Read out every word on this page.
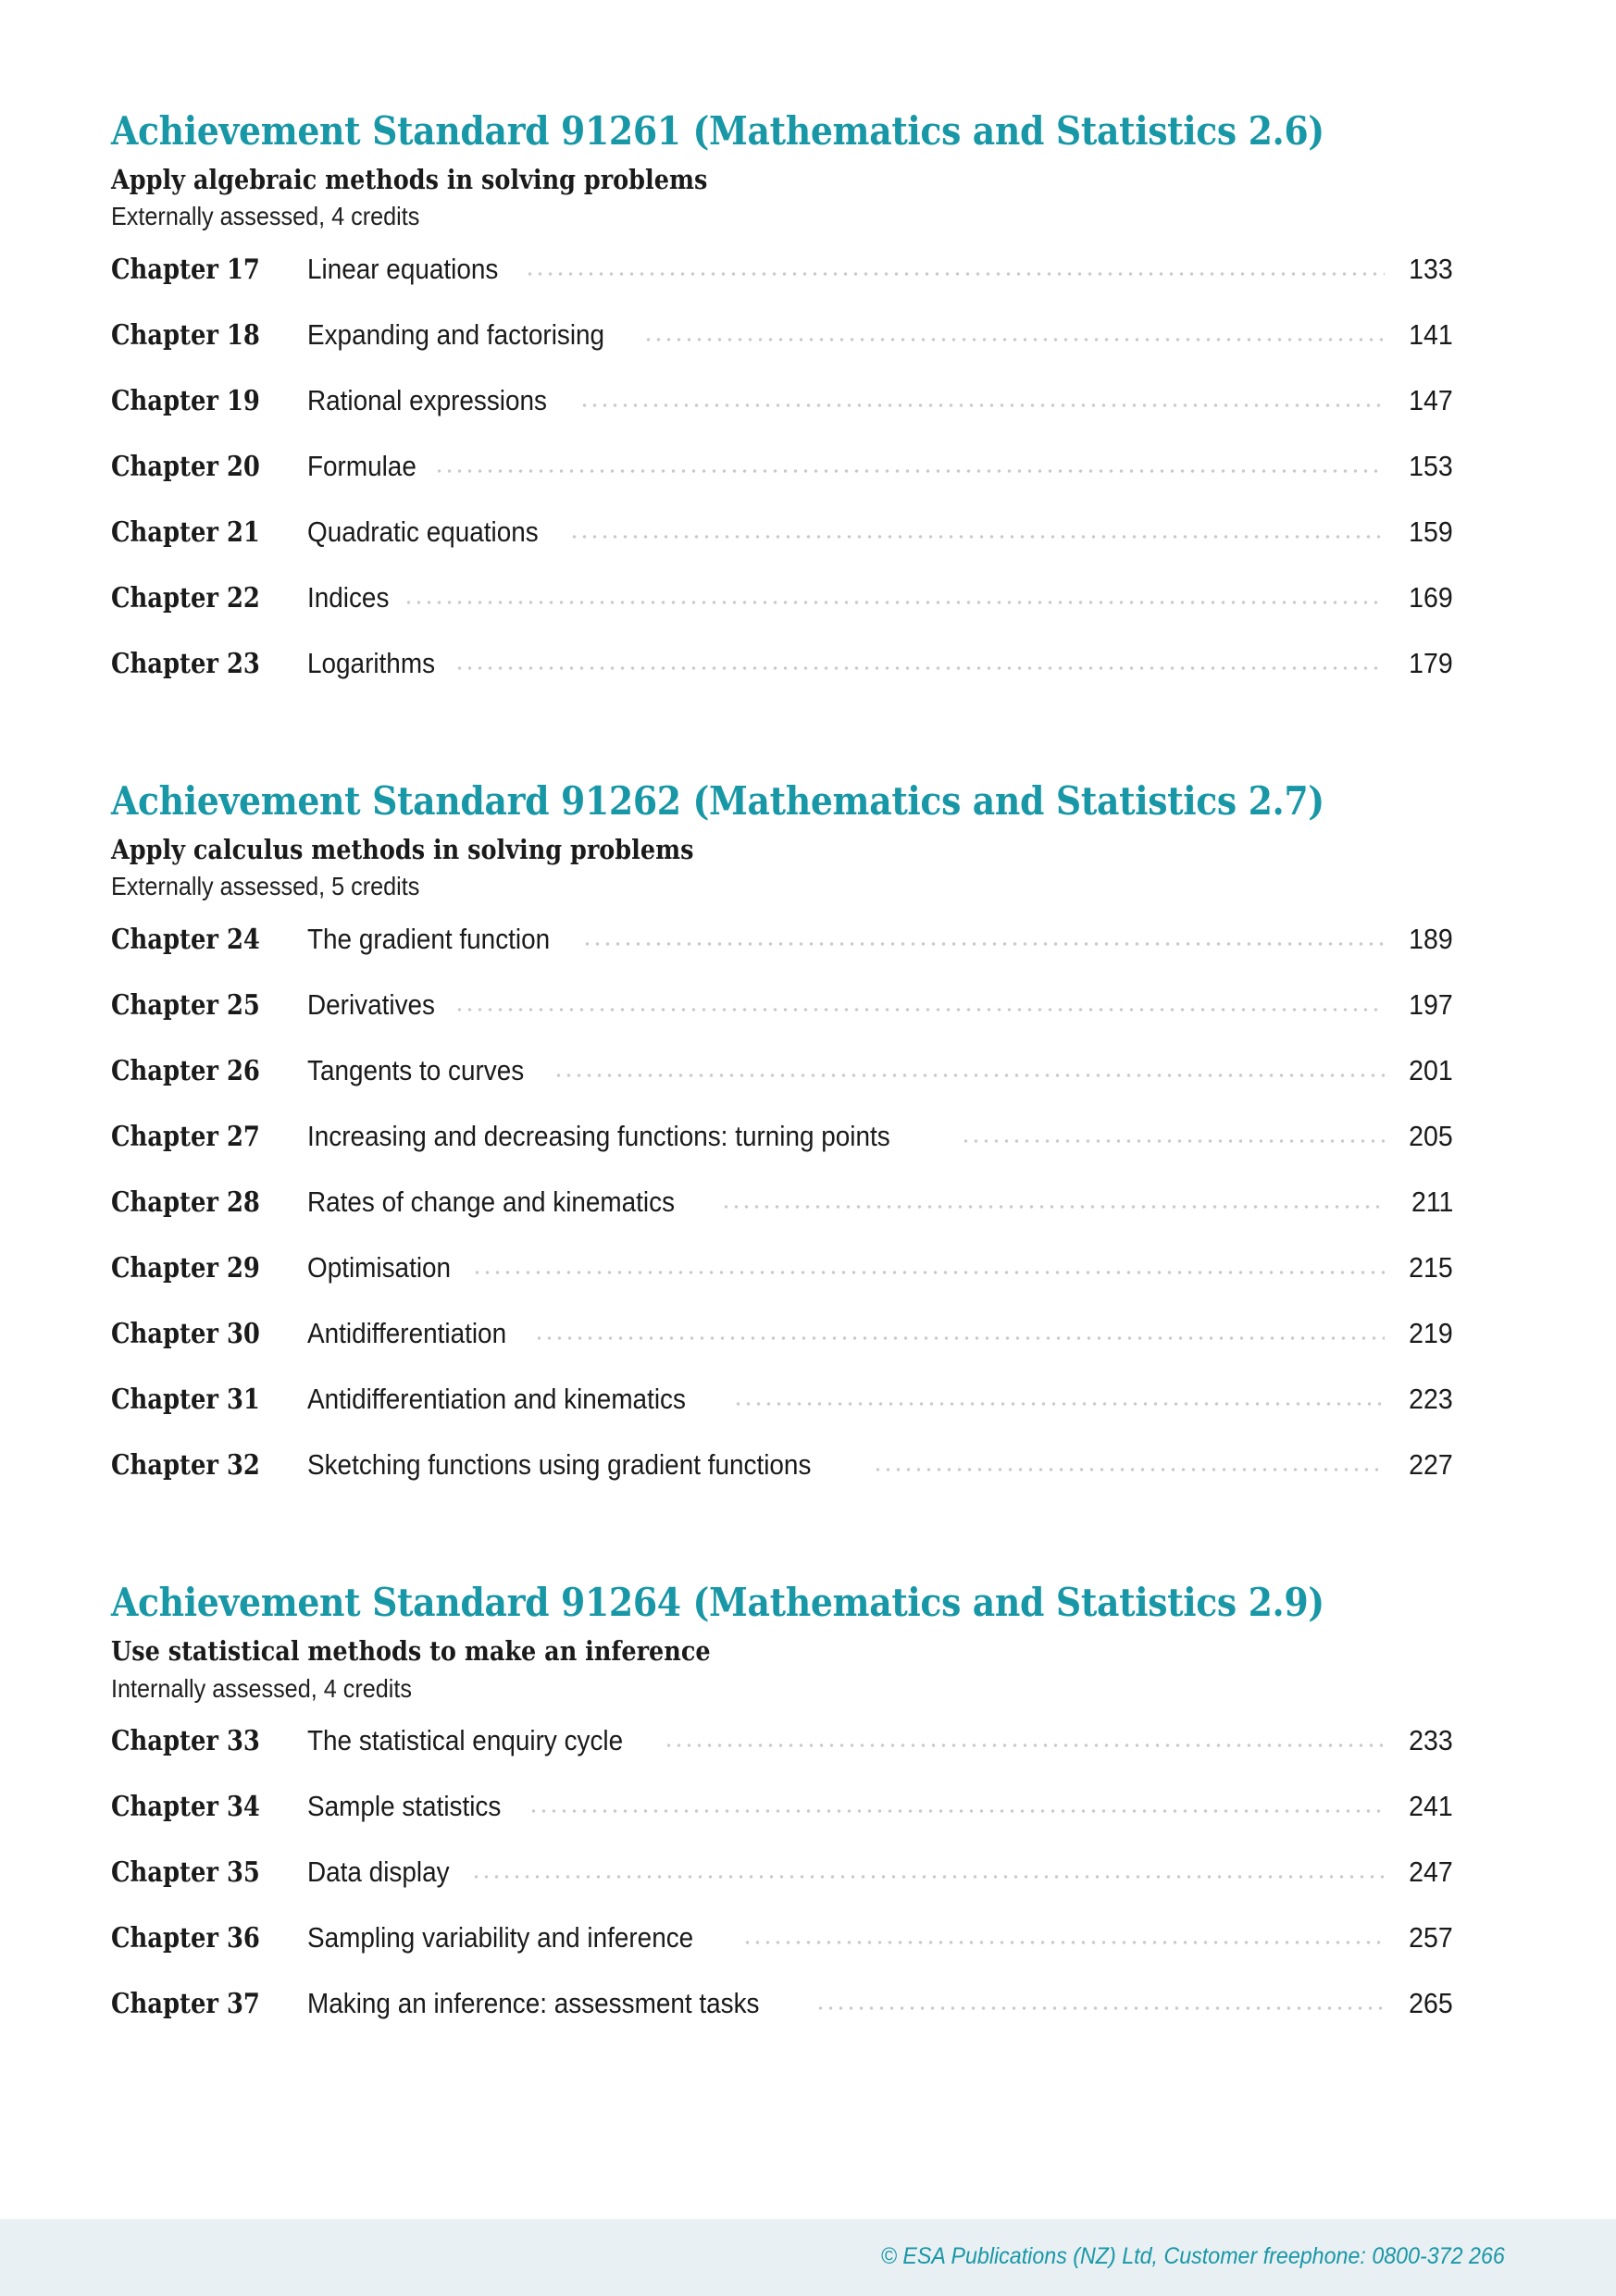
Achievement Standard 91261 (Mathematics and Statistics 2.6)
Apply algebraic methods in solving problems
Externally assessed, 4 credits
Chapter 17	Linear equations	133
Chapter 18	Expanding and factorising	141
Chapter 19	Rational expressions	147
Chapter 20	Formulae	153
Chapter 21	Quadratic equations	159
Chapter 22	Indices	169
Chapter 23	Logarithms	179
Achievement Standard 91262 (Mathematics and Statistics 2.7)
Apply calculus methods in solving problems
Externally assessed, 5 credits
Chapter 24	The gradient function	189
Chapter 25	Derivatives	197
Chapter 26	Tangents to curves	201
Chapter 27	Increasing and decreasing functions: turning points	205
Chapter 28	Rates of change and kinematics	211
Chapter 29	Optimisation	215
Chapter 30	Antidifferentiation	219
Chapter 31	Antidifferentiation and kinematics	223
Chapter 32	Sketching functions using gradient functions	227
Achievement Standard 91264 (Mathematics and Statistics 2.9)
Use statistical methods to make an inference
Internally assessed, 4 credits
Chapter 33	The statistical enquiry cycle	233
Chapter 34	Sample statistics	241
Chapter 35	Data display	247
Chapter 36	Sampling variability and inference	257
Chapter 37	Making an inference: assessment tasks	265
© ESA Publications (NZ) Ltd, Customer freephone: 0800-372 266
